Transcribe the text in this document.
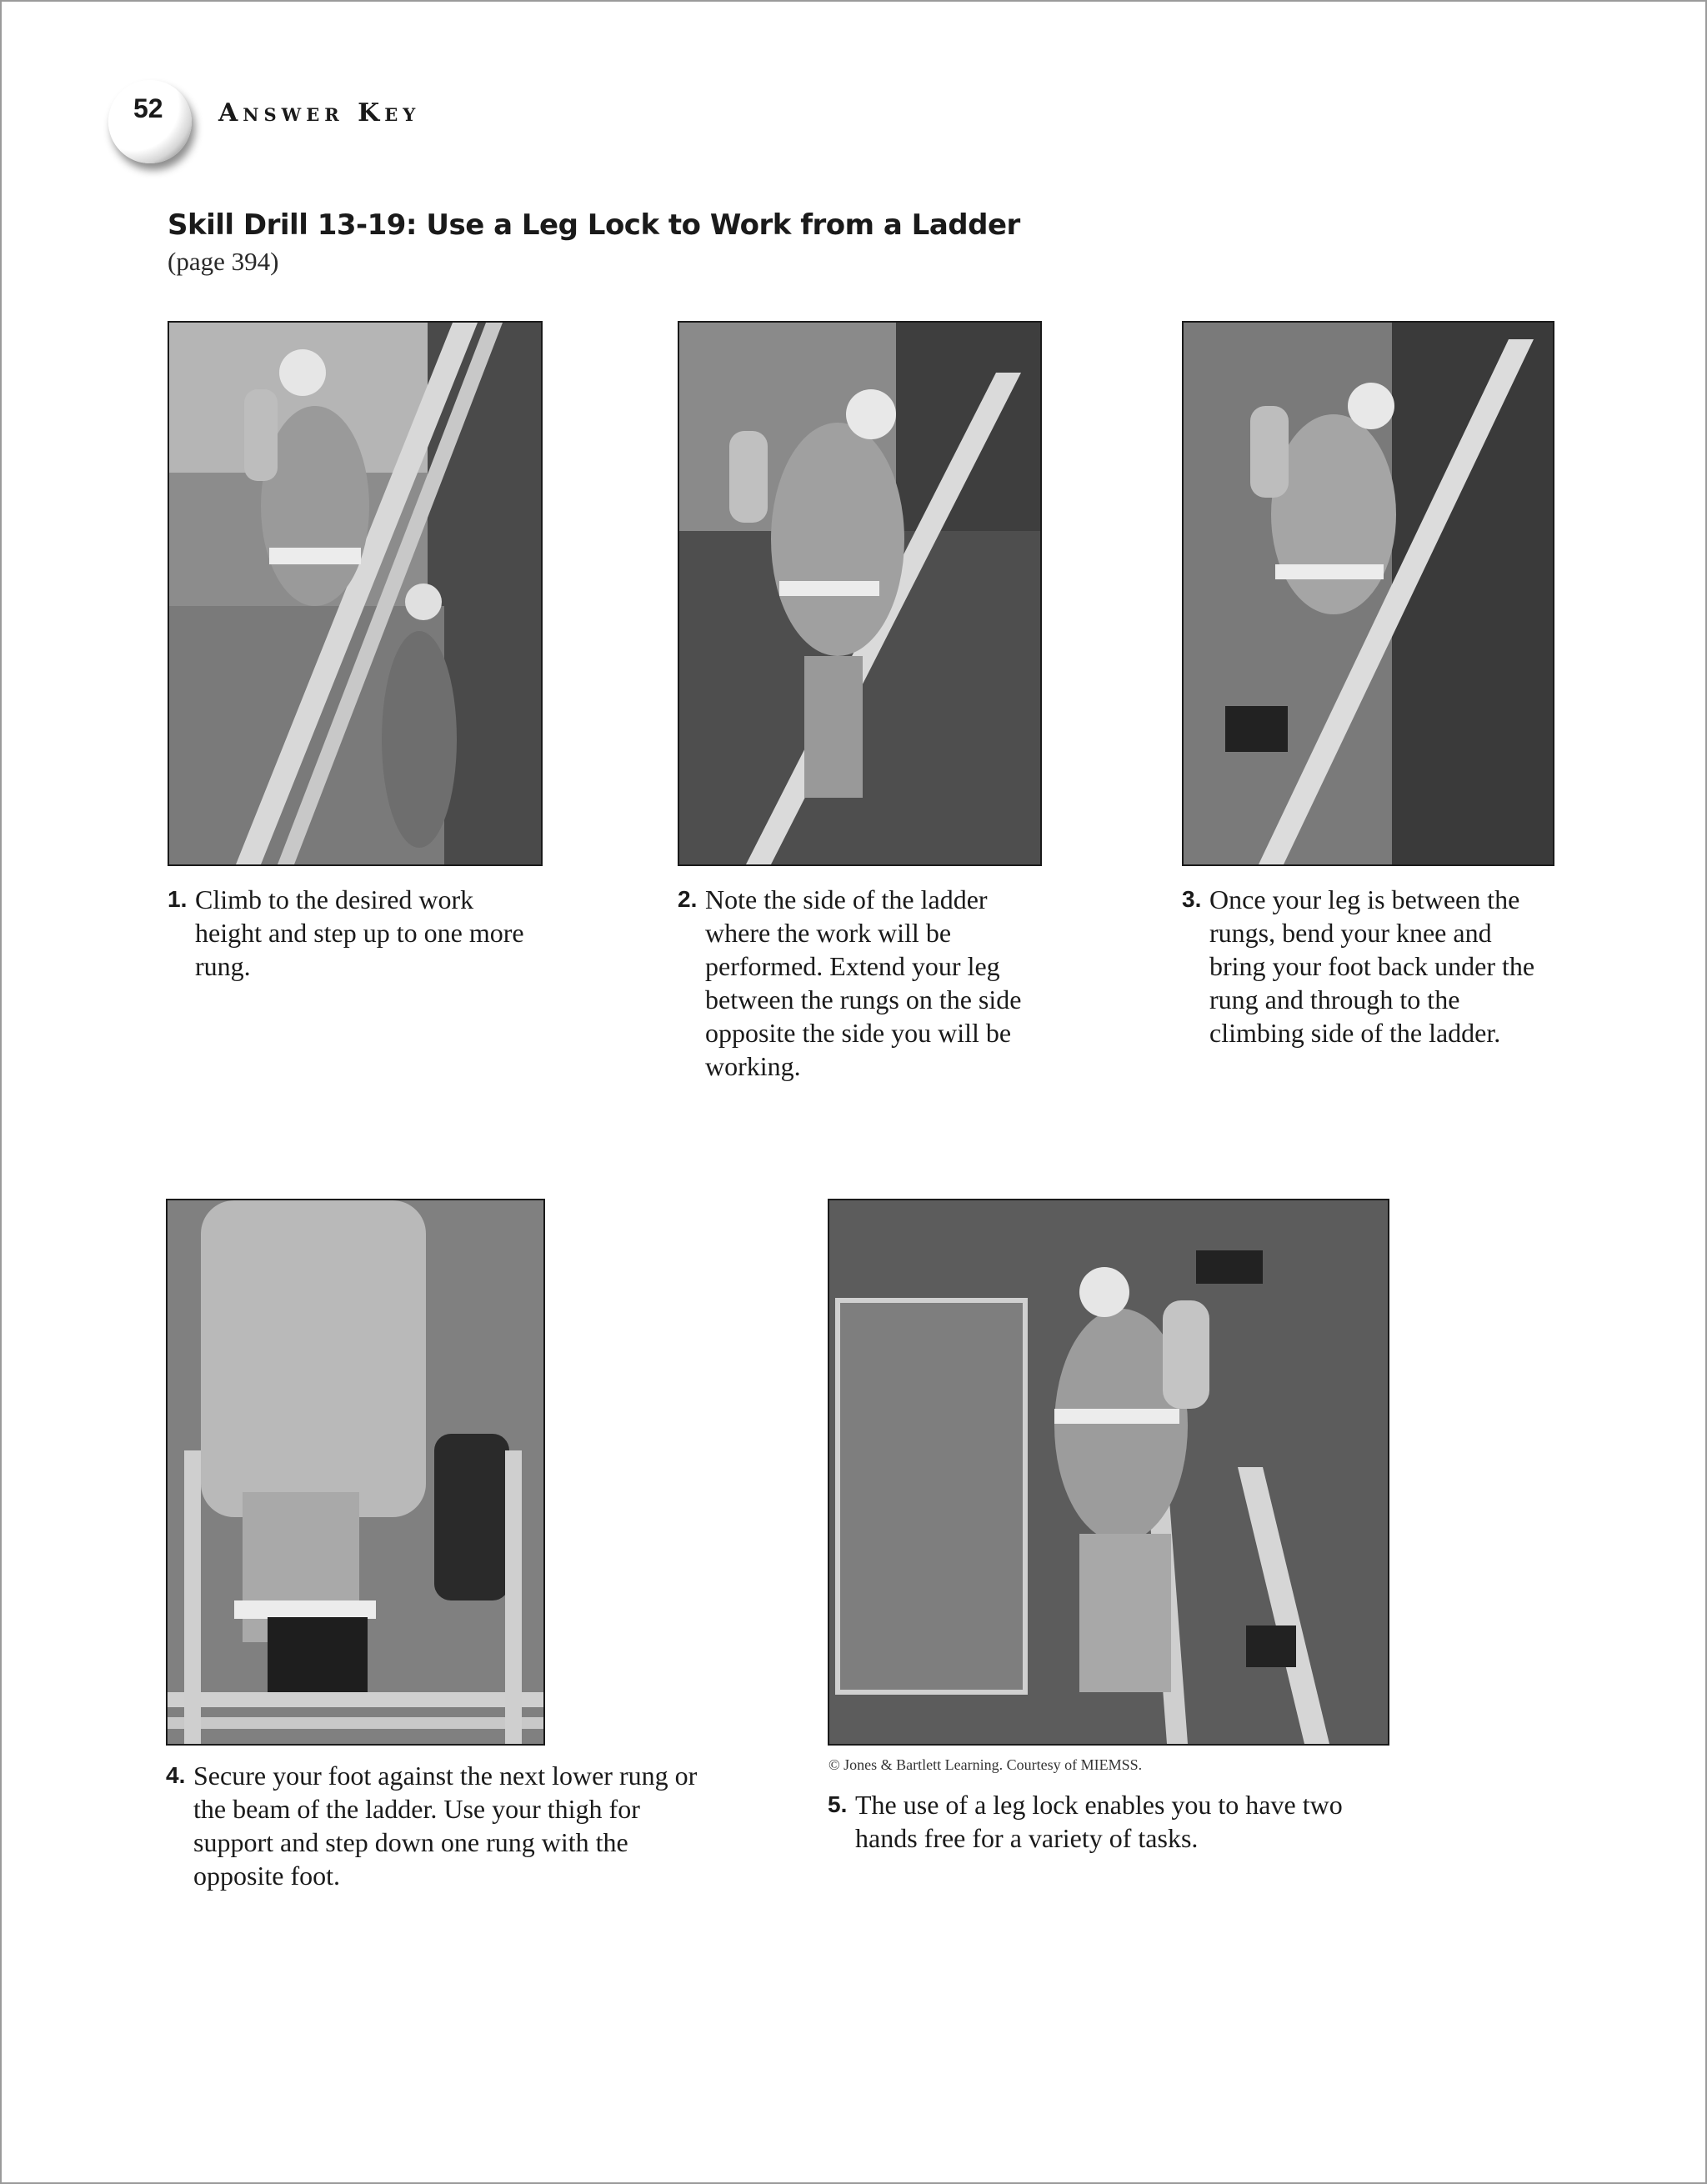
52	Answer Key
Skill Drill 13-19: Use a Leg Lock to Work from a Ladder
(page 394)
1. Climb to the desired work height and step up to one more rung.
2. Note the side of the ladder where the work will be performed. Extend your leg between the rungs on the side opposite the side you will be working.
3. Once your leg is between the rungs, bend your knee and bring your foot back under the rung and through to the climbing side of the ladder.
4. Secure your foot against the next lower rung or the beam of the ladder. Use your thigh for support and step down one rung with the opposite foot.
© Jones & Bartlett Learning. Courtesy of MIEMSS.
5. The use of a leg lock enables you to have two hands free for a variety of tasks.
